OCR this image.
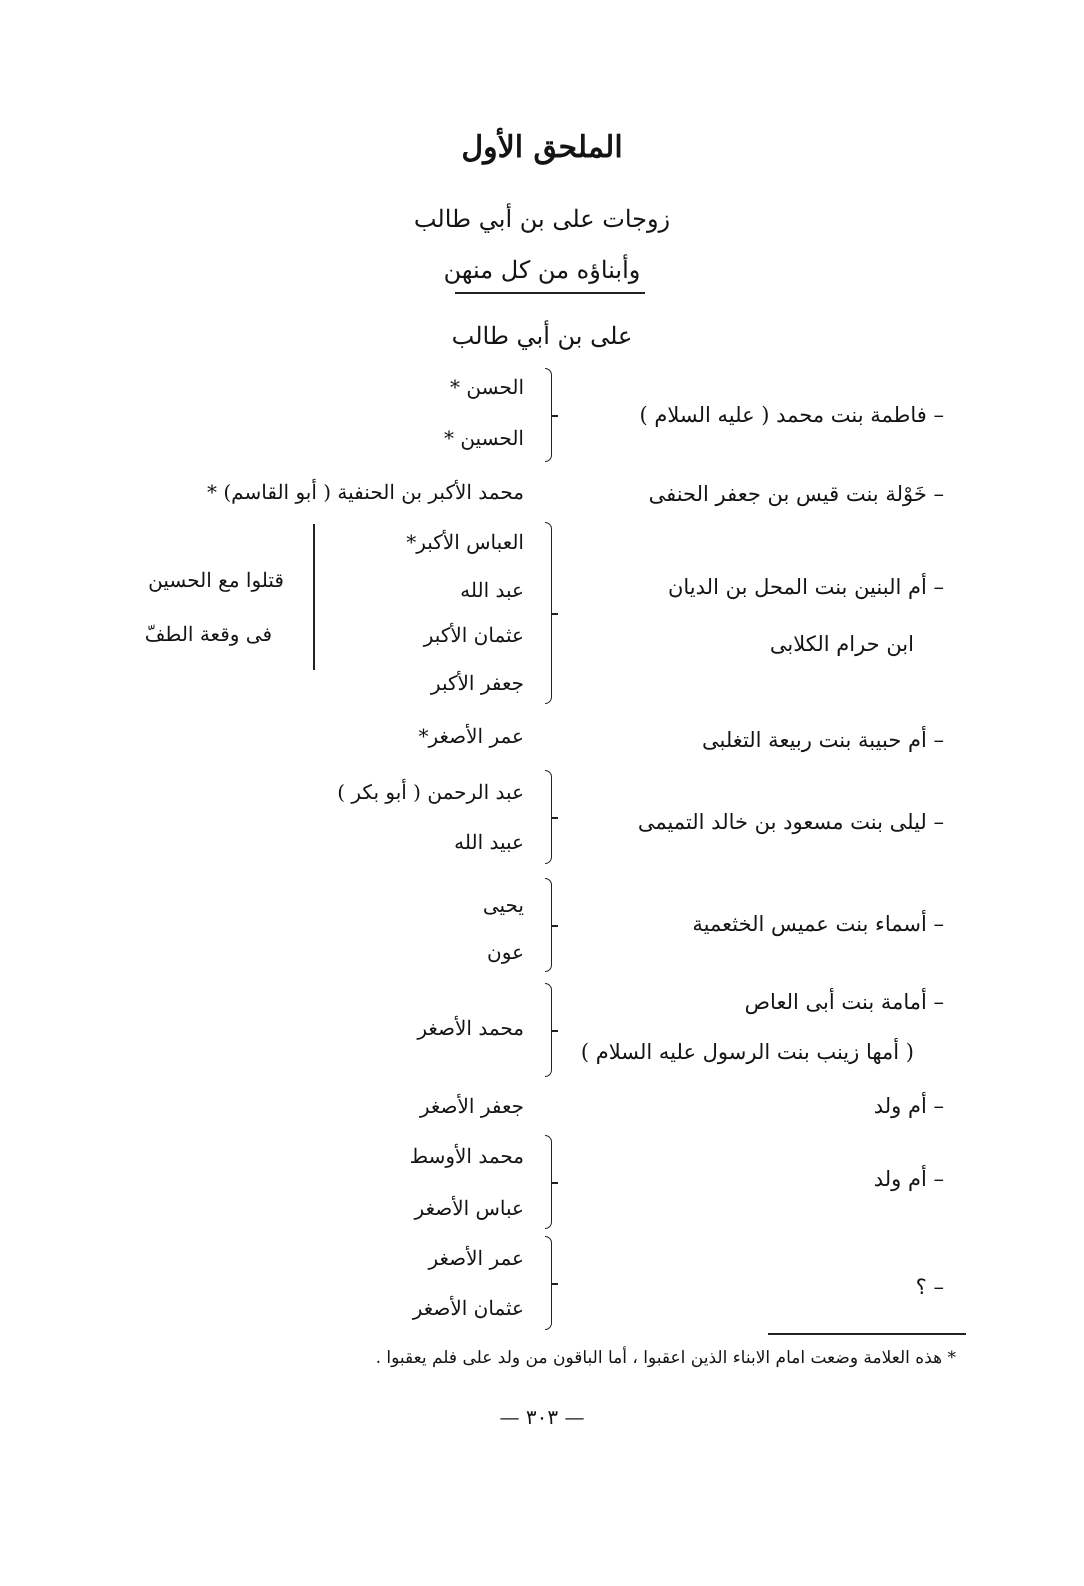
الملحق الأول
زوجات على بن أبي طالب
وأبناؤه من كل منهن
على بن أبي طالب
– فاطمة بنت محمد ( عليه السلام )
الحسن *
الحسين *
– خَوْلة بنت قيس بن جعفر الحنفى
محمد الأكبر بن الحنفية ( أبو القاسم) *
– أم البنين بنت المحل بن الديان
ابن حرام الكلابى
العباس الأكبر*
عبد الله
عثمان الأكبر
جعفر الأكبر
قتلوا مع الحسين
فى وقعة الطفّ
– أم حبيبة بنت ربيعة التغلبى
عمر الأصغر*
– ليلى بنت مسعود بن خالد التميمى
عبد الرحمن ( أبو بكر )
عبيد الله
– أسماء بنت عميس الخثعمية
يحيى
عون
– أمامة بنت أبى العاص
( أمها زينب بنت الرسول عليه السلام )
محمد الأصغر
– أم ولد
جعفر الأصغر
– أم ولد
محمد الأوسط
عباس الأصغر
– ؟
عمر الأصغر
عثمان الأصغر
* هذه العلامة وضعت امام الابناء الذين اعقبوا ، أما الباقون من ولد على فلم يعقبوا .
— ٣٠٣ —
